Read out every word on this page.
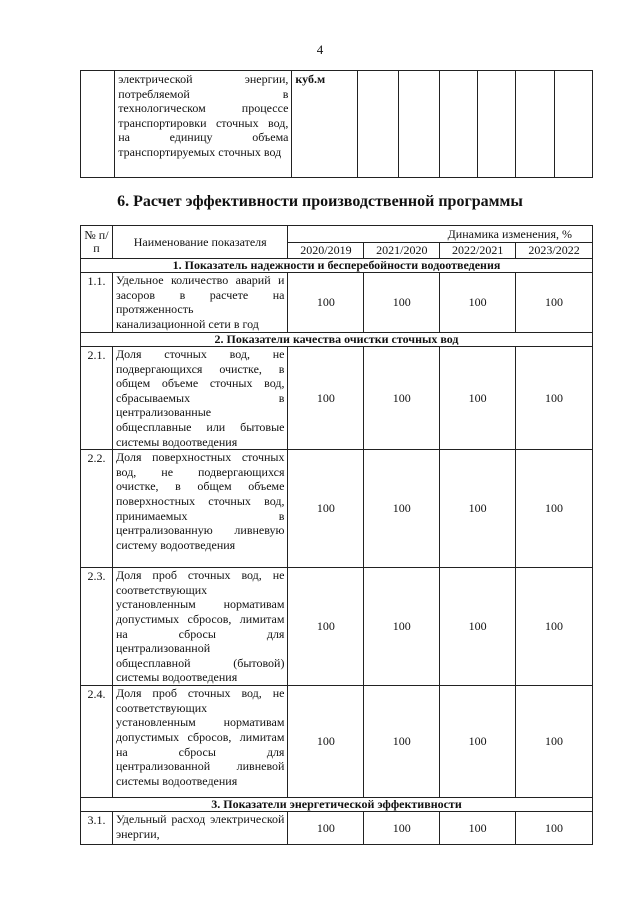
4
	электрической энергии, потребляемой в технологическом процессе транспортировки сточных вод, на единицу объема транспортируемых сточных вод	куб.м						
6. Расчет эффективности производственной программы
№ п/п	Наименование показателя	Динамика изменения, %			
		2020/2019	2021/2020	2022/2021	2023/2022
1. Показатель надежности и бесперебойности водоотведения					
1.1.	Удельное количество аварий и засоров в расчете на протяженность канализационной сети в год	100	100	100	100
2. Показатели качества очистки сточных вод					
2.1.	Доля сточных вод, не подвергающихся очистке, в общем объеме сточных вод, сбрасываемых в централизованные общесплавные или бытовые системы водоотведения	100	100	100	100
2.2.	Доля поверхностных сточных вод, не подвергающихся очистке, в общем объеме поверхностных сточных вод, принимаемых в централизованную ливневую систему водоотведения	100	100	100	100
2.3.	Доля проб сточных вод, не соответствующих установленным нормативам допустимых сбросов, лимитам на сбросы для централизованной общесплавной (бытовой) системы водоотведения	100	100	100	100
2.4.	Доля проб сточных вод, не соответствующих установленным нормативам допустимых сбросов, лимитам на сбросы для централизованной ливневой системы водоотведения	100	100	100	100
3. Показатели энергетической эффективности					
3.1.	Удельный расход электрической энергии,	100	100	100	100
